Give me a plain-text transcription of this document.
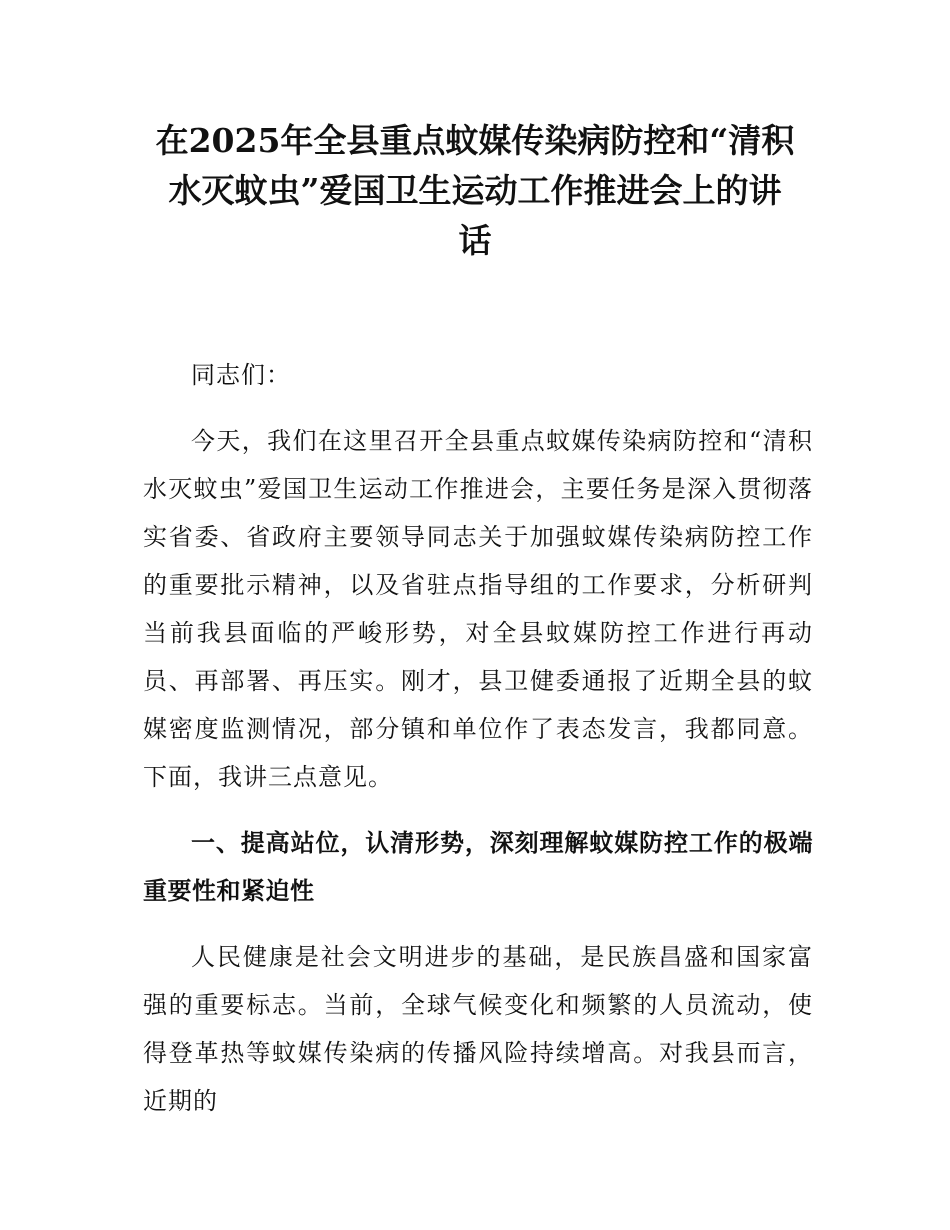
在2025年全县重点蚊媒传染病防控和“清积
水灭蚊虫”爱国卫生运动工作推进会上的讲
话

同志们：

今天，我们在这里召开全县重点蚊媒传染病防控和“清积水灭蚊虫”爱国卫生运动工作推进会，主要任务是深入贯彻落实省委、省政府主要领导同志关于加强蚊媒传染病防控工作的重要批示精神，以及省驻点指导组的工作要求，分析研判当前我县面临的严峻形势，对全县蚊媒防控工作进行再动员、再部署、再压实。刚才，县卫健委通报了近期全县的蚊媒密度监测情况，部分镇和单位作了表态发言，我都同意。下面，我讲三点意见。

一、提高站位，认清形势，深刻理解蚊媒防控工作的极端重要性和紧迫性

人民健康是社会文明进步的基础，是民族昌盛和国家富强的重要标志。当前，全球气候变化和频繁的人员流动，使得登革热等蚊媒传染病的传播风险持续增高。对我县而言，近期的
